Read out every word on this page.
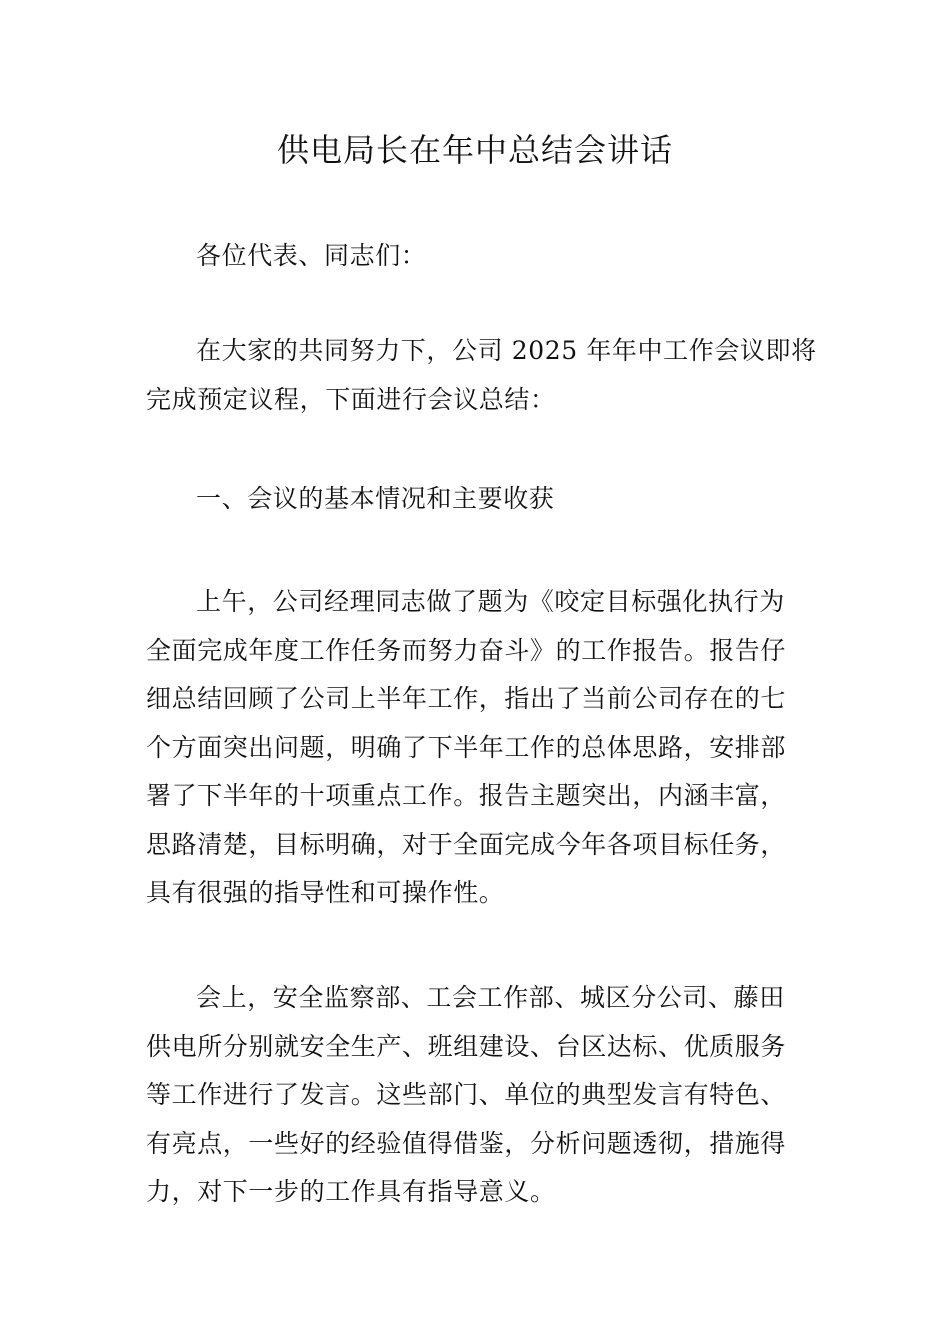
供电局长在年中总结会讲话
各位代表、同志们：
在大家的共同努力下，公司 2025 年年中工作会议即将
完成预定议程，下面进行会议总结：
一、会议的基本情况和主要收获
上午，公司经理同志做了题为《咬定目标强化执行为
全面完成年度工作任务而努力奋斗》的工作报告。报告仔
细总结回顾了公司上半年工作，指出了当前公司存在的七
个方面突出问题，明确了下半年工作的总体思路，安排部
署了下半年的十项重点工作。报告主题突出，内涵丰富，
思路清楚，目标明确，对于全面完成今年各项目标任务，
具有很强的指导性和可操作性。
会上，安全监察部、工会工作部、城区分公司、藤田
供电所分别就安全生产、班组建设、台区达标、优质服务
等工作进行了发言。这些部门、单位的典型发言有特色、
有亮点，一些好的经验值得借鉴，分析问题透彻，措施得
力，对下一步的工作具有指导意义。
